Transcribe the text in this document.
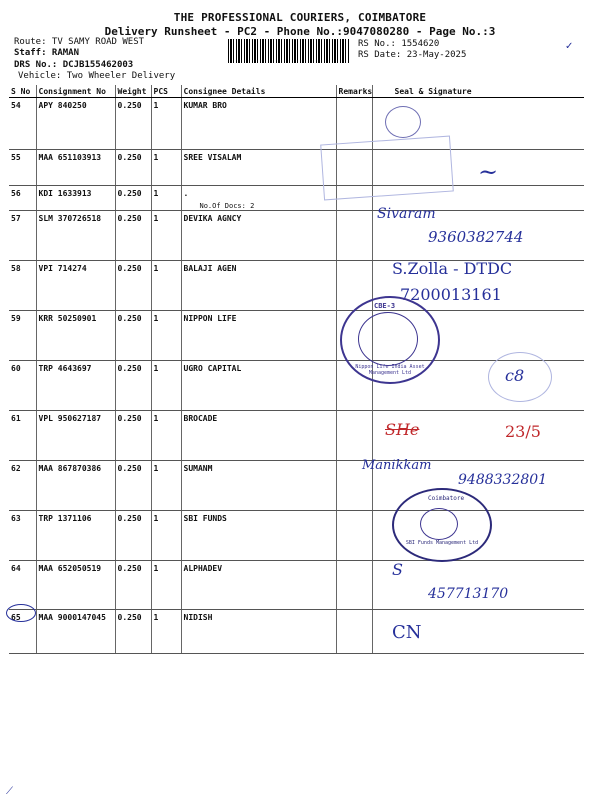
THE PROFESSIONAL COURIERS, COIMBATORE
Delivery Runsheet - PC2 - Phone No.:9047080280 - Page No.:3
Route: TV SAMY ROAD WEST
Staff: RAMAN
DRS No.: DCJB155462003
Vehicle: Two Wheeler Delivery
RS No.: 1554620
RS Date: 23-May-2025
✓
S No	Consignment No	Weight	PCS	Consignee Details	Remarks	Seal & Signature
54	APY 840250	0.250	1	KUMAR BRO		
55	MAA 651103913	0.250	1	SREE VISALAM		
56	KDI 1633913	0.250	1	.
No.Of Docs: 2		

57	SLM 370726518	0.250	1	DEVIKA AGNCY		
58	VPI 714274	0.250	1	BALAJI AGEN		
59	KRR 50250901	0.250	1	NIPPON LIFE		
60	TRP 4643697	0.250	1	UGRO CAPITAL		
61	VPL 950627187	0.250	1	BROCADE		
62	MAA 867870386	0.250	1	SUMANM		
63	TRP 1371106	0.250	1	SBI FUNDS		
64	MAA 652050519	0.250	1	ALPHADEV		
65	MAA 9000147045	0.250	1	NIDISH		
~
Sivaram
9360382744
S.Zolla - DTDC
7200013161
CBE-3
Nippon Life India Asset Management Ltd	c8
SHe	23/5
Manikkam
9488332801
Coimbatore
SBI Funds Management Ltd
S
457713170
CN
⟋
